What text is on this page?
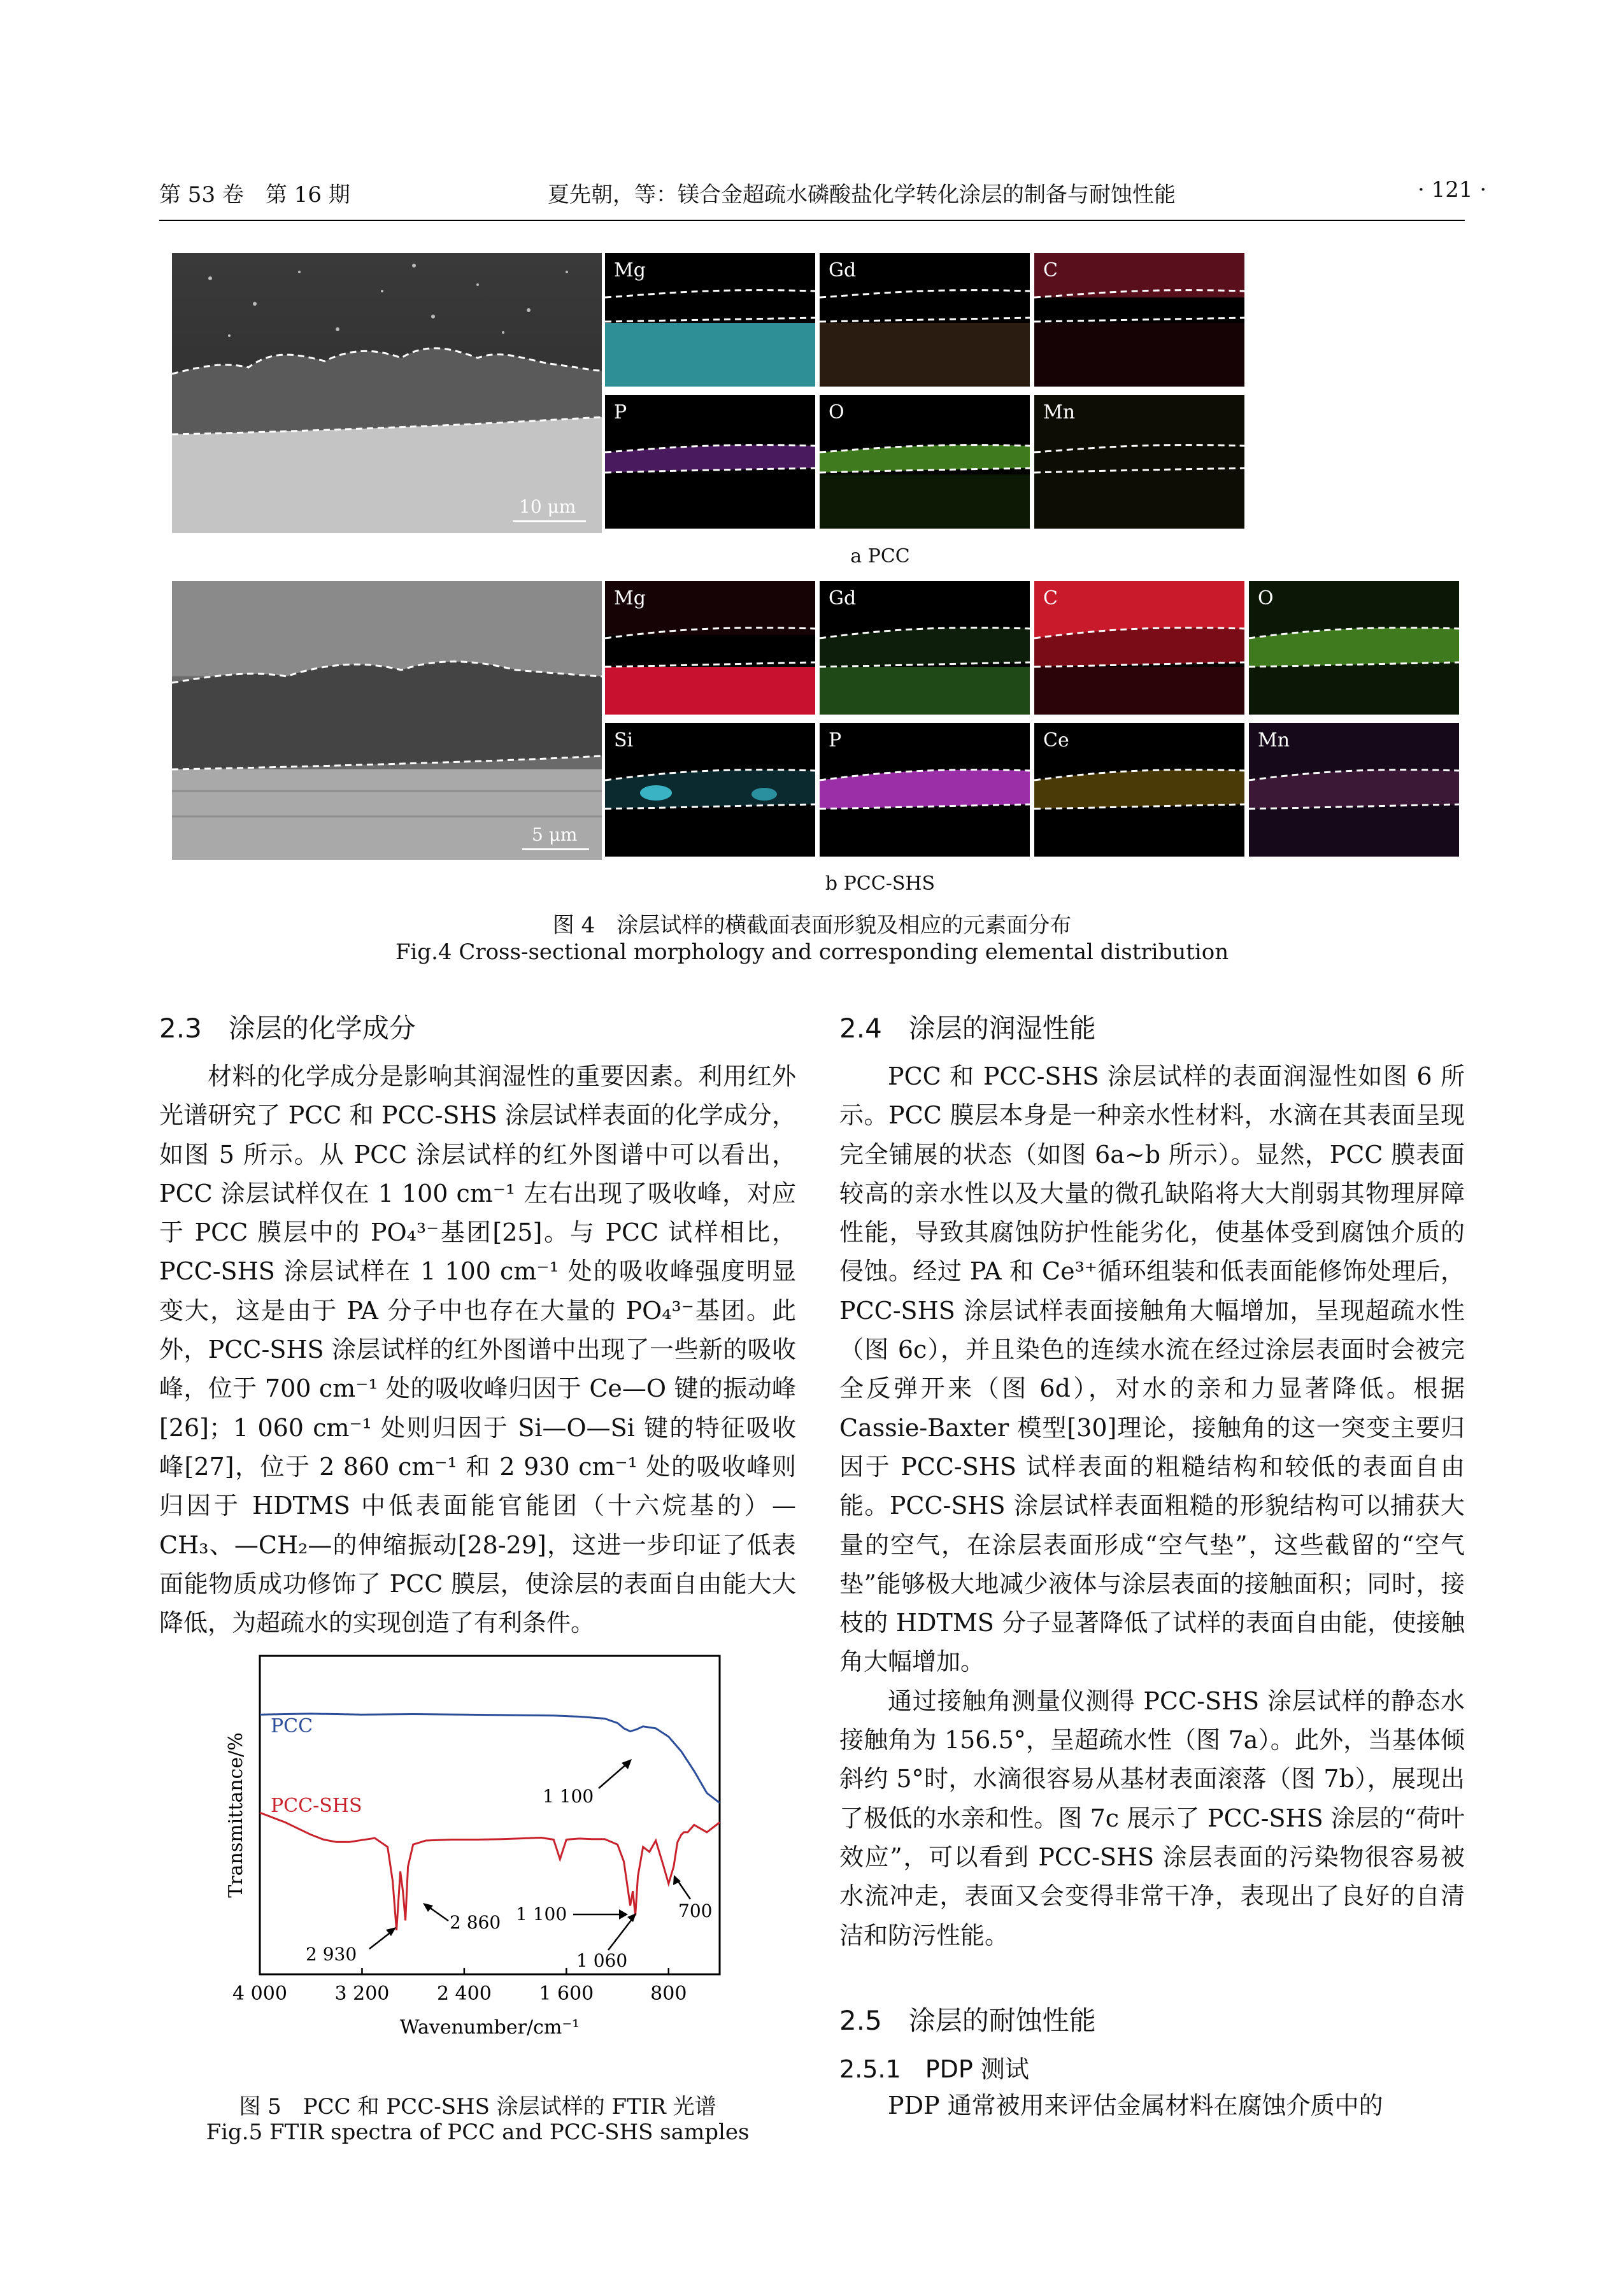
第 53 卷　第 16 期	夏先朝，等：镁合金超疏水磷酸盐化学转化涂层的制备与耐蚀性能	· 121 ·
10 μm
Mg	Gd	C
P	O	Mn
a PCC
5 μm
Mg	Gd	C	O
Si	P	Ce	Mn
b PCC-SHS
图 4　涂层试样的横截面表面形貌及相应的元素面分布
Fig.4 Cross-sectional morphology and corresponding elemental distribution
2.3　涂层的化学成分

材料的化学成分是影响其润湿性的重要因素。利用红外光谱研究了 PCC 和 PCC-SHS 涂层试样表面的化学成分，如图 5 所示。从 PCC 涂层试样的红外图谱中可以看出，PCC 涂层试样仅在 1 100 cm⁻¹ 左右出现了吸收峰，对应于 PCC 膜层中的 PO₄³⁻基团[25]。与 PCC 试样相比，PCC-SHS 涂层试样在 1 100 cm⁻¹ 处的吸收峰强度明显变大，这是由于 PA 分子中也存在大量的 PO₄³⁻基团。此外，PCC-SHS 涂层试样的红外图谱中出现了一些新的吸收峰，位于 700 cm⁻¹ 处的吸收峰归因于 Ce—O 键的振动峰[26]；1 060 cm⁻¹ 处则归因于 Si—O—Si 键的特征吸收峰[27]，位于 2 860 cm⁻¹ 和 2 930 cm⁻¹ 处的吸收峰则归因于 HDTMS 中低表面能官能团（十六烷基的）—CH₃、—CH₂—的伸缩振动[28-29]，这进一步印证了低表面能物质成功修饰了 PCC 膜层，使涂层的表面自由能大大降低，为超疏水的实现创造了有利条件。

4 000 3 200 2 400 1 600	800
PCC
PCC-SHS	1 100
2 860
2 930
1 100
1 060
700
Wavenumber/cm⁻¹
Transmittance/%
图 5　PCC 和 PCC-SHS 涂层试样的 FTIR 光谱
Fig.5 FTIR spectra of PCC and PCC-SHS samples
2.4　涂层的润湿性能

PCC 和 PCC-SHS 涂层试样的表面润湿性如图 6 所示。PCC 膜层本身是一种亲水性材料，水滴在其表面呈现完全铺展的状态（如图 6a~b 所示）。显然，PCC 膜表面较高的亲水性以及大量的微孔缺陷将大大削弱其物理屏障性能，导致其腐蚀防护性能劣化，使基体受到腐蚀介质的侵蚀。经过 PA 和 Ce³⁺循环组装和低表面能修饰处理后，PCC-SHS 涂层试样表面接触角大幅增加，呈现超疏水性（图 6c），并且染色的连续水流在经过涂层表面时会被完全反弹开来（图 6d），对水的亲和力显著降低。根据 Cassie-Baxter 模型[30]理论，接触角的这一突变主要归因于 PCC-SHS 试样表面的粗糙结构和较低的表面自由能。PCC-SHS 涂层试样表面粗糙的形貌结构可以捕获大量的空气，在涂层表面形成“空气垫”，这些截留的“空气垫”能够极大地减少液体与涂层表面的接触面积；同时，接枝的 HDTMS 分子显著降低了试样的表面自由能，使接触角大幅增加。

通过接触角测量仪测得 PCC-SHS 涂层试样的静态水接触角为 156.5°，呈超疏水性（图 7a）。此外，当基体倾斜约 5°时，水滴很容易从基材表面滚落（图 7b），展现出了极低的水亲和性。图 7c 展示了 PCC-SHS 涂层的“荷叶效应”，可以看到 PCC-SHS 涂层表面的污染物很容易被水流冲走，表面又会变得非常干净，表现出了良好的自清洁和防污性能。

2.5　涂层的耐蚀性能
2.5.1　PDP 测试

PDP 通常被用来评估金属材料在腐蚀介质中的
